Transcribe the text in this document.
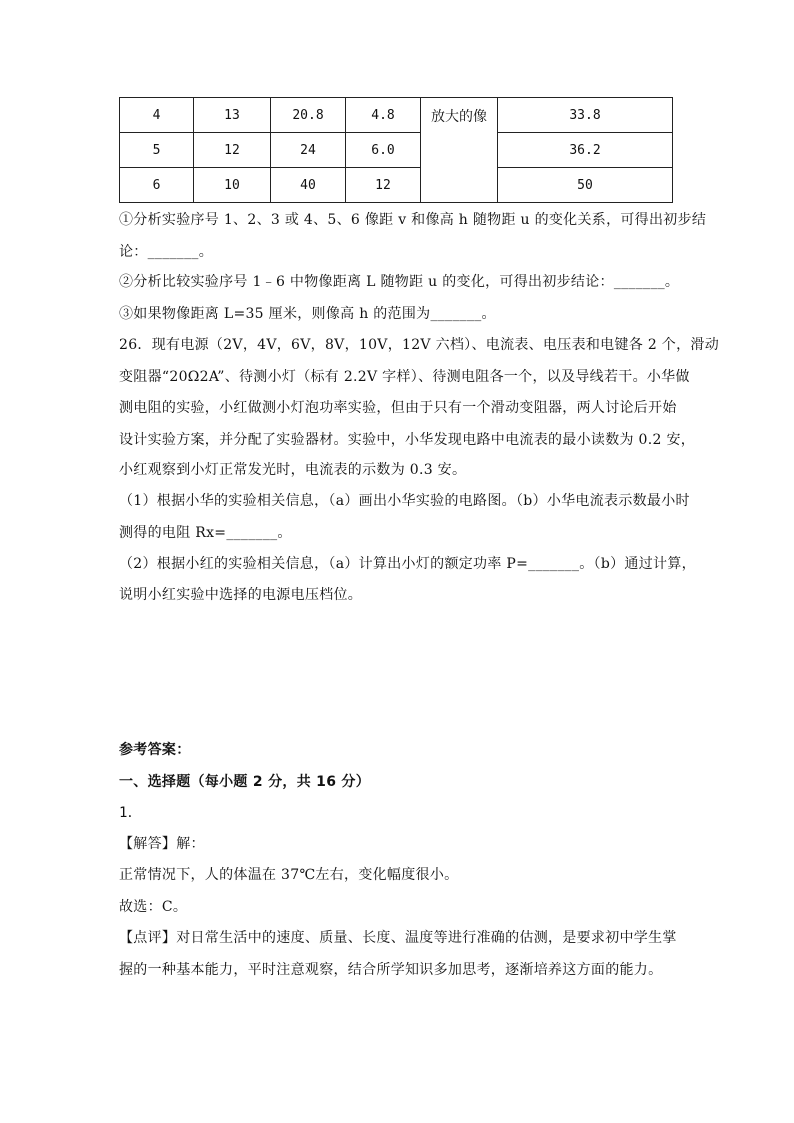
4	13	20.8	4.8	放大的像	33.8
5	12	24	6.0		36.2
6	10	40	12		50
①分析实验序号 1、2、3 或 4、5、6 像距 v 和像高 h 随物距 u 的变化关系，可得出初步结
论：_______。
②分析比较实验序号 1﹣6 中物像距离 L 随物距 u 的变化，可得出初步结论：_______。
③如果物像距离 L=35 厘米，则像高 h 的范围为_______。
26．现有电源（2V，4V，6V，8V，10V，12V 六档）、电流表、电压表和电键各 2 个，滑动
变阻器“20Ω2A”、待测小灯（标有 2.2V 字样）、待测电阻各一个，以及导线若干。小华做
测电阻的实验，小红做测小灯泡功率实验，但由于只有一个滑动变阻器，两人讨论后开始
设计实验方案，并分配了实验器材。实验中，小华发现电路中电流表的最小读数为 0.2 安，
小红观察到小灯正常发光时，电流表的示数为 0.3 安。
（1）根据小华的实验相关信息，（a）画出小华实验的电路图。（b）小华电流表示数最小时
测得的电阻 Rx=_______。
（2）根据小红的实验相关信息，（a）计算出小灯的额定功率 P=_______。（b）通过计算，
说明小红实验中选择的电源电压档位。
参考答案：
一、选择题（每小题 2 分，共 16 分）
1．
【解答】解：
正常情况下，人的体温在 37℃左右，变化幅度很小。
故选：C。
【点评】对日常生活中的速度、质量、长度、温度等进行准确的估测，是要求初中学生掌
握的一种基本能力，平时注意观察，结合所学知识多加思考，逐渐培养这方面的能力。
